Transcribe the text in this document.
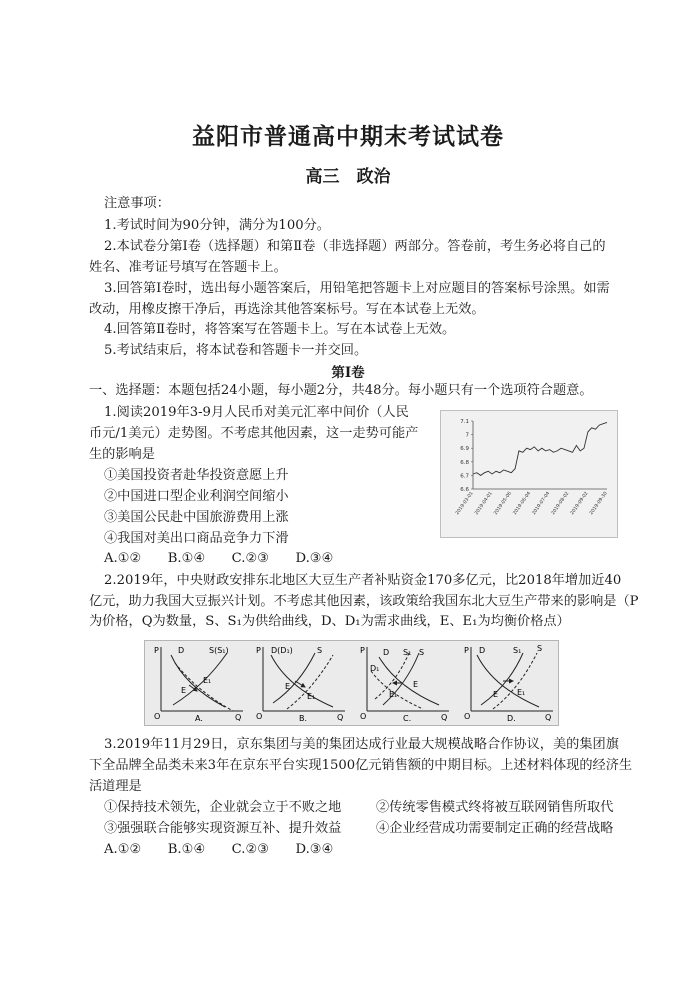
益阳市普通高中期末考试试卷
高三　政治
注意事项：
1.考试时间为90分钟，满分为100分。
2.本试卷分第Ⅰ卷（选择题）和第Ⅱ卷（非选择题）两部分。答卷前，考生务必将自己的
姓名、准考证号填写在答题卡上。
3.回答第Ⅰ卷时，选出每小题答案后，用铅笔把答题卡上对应题目的答案标号涂黑。如需
改动，用橡皮擦干净后，再选涂其他答案标号。写在本试卷上无效。
4.回答第Ⅱ卷时，将答案写在答题卡上。写在本试卷上无效。
5.考试结束后，将本试卷和答题卡一并交回。
第Ⅰ卷
一、选择题：本题包括24小题，每小题2分，共48分。每小题只有一个选项符合题意。
1.阅读2019年3-9月人民币对美元汇率中间价（人民
币元/1美元）走势图。不考虑其他因素，这一走势可能产
生的影响是
①美国投资者赴华投资意愿上升
②中国进口型企业利润空间缩小
③美国公民赴中国旅游费用上涨
④我国对美出口商品竞争力下滑
A.①②　　B.①④　　C.②③　　D.③④
7.1
7
6.9
6.8
6.7
6.6
2019-03-01 2019-04-01 2019-05-06 2019-06-04 2019-07-04 2019-08-02 2019-09-02 2019-09-30
2.2019年，中央财政安排东北地区大豆生产者补贴资金170多亿元，比2018年增加近40
亿元，助力我国大豆振兴计划。不考虑其他因素，该政策给我国东北大豆生产带来的影响是（P
为价格，Q为数量，S、S₁为供给曲线，D、D₁为需求曲线，E、E₁为均衡价格点）
P
Q
O
D	S(S₁)
E
E₁
A.
P
Q
O
D(D₁)	S
E
E₁
B.
P
Q
O
D S₁ S
D₁
E
E₁
C.
P
Q
O
D	S₁ S
E E₁
D.
3.2019年11月29日，京东集团与美的集团达成行业最大规模战略合作协议，美的集团旗
下全品牌全品类未来3年在京东平台实现1500亿元销售额的中期目标。上述材料体现的经济生
活道理是
①保持技术领先，企业就会立于不败之地	②传统零售模式终将被互联网销售所取代
③强强联合能够实现资源互补、提升效益	④企业经营成功需要制定正确的经营战略
A.①②　　B.①④　　C.②③　　D.③④
